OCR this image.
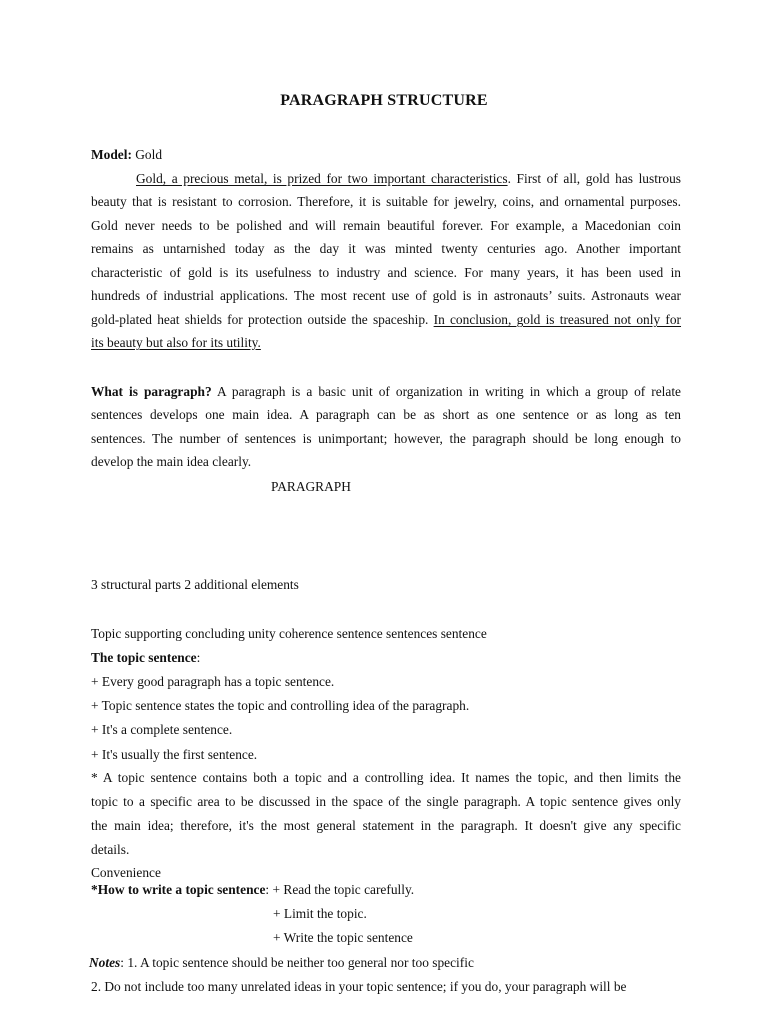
PARAGRAPH STRUCTURE
Model: Gold
Gold, a precious metal, is prized for two important characteristics. First of all, gold has lustrous
beauty that is resistant to corrosion. Therefore, it is suitable for jewelry, coins, and ornamental purposes.
Gold never needs to be polished and will remain beautiful forever. For example, a Macedonian coin
remains as untarnished today as the day it was minted twenty centuries ago. Another important
characteristic of gold is its usefulness to industry and science. For many years, it has been used in
hundreds of industrial applications. The most recent use of gold is in astronauts’ suits. Astronauts wear
gold-plated heat shields for protection outside the spaceship. In conclusion, gold is treasured not only for
its beauty but also for its utility.
What is paragraph? A paragraph is a basic unit of organization in writing in which a group of relate
sentences develops one main idea. A paragraph can be as short as one sentence or as long as ten
sentences. The number of sentences is unimportant; however, the paragraph should be long enough to
develop the main idea clearly.
PARAGRAPH
3 structural parts 2 additional elements
Topic supporting concluding unity coherence sentence sentences sentence
The topic sentence:
+ Every good paragraph has a topic sentence.
+ Topic sentence states the topic and controlling idea of the paragraph.
+ It's a complete sentence.
+ It's usually the first sentence.
* A topic sentence contains both a topic and a controlling idea. It names the topic, and then limits the
topic to a specific area to be discussed in the space of the single paragraph. A topic sentence gives only
the main idea; therefore, it's the most general statement in the paragraph. It doesn't give any specific
details.
Convenience
*How to write a topic sentence: + Read the topic carefully.
+ Limit the topic.
+ Write the topic sentence
Notes: 1. A topic sentence should be neither too general nor too specific
2. Do not include too many unrelated ideas in your topic sentence; if you do, your paragraph will be
